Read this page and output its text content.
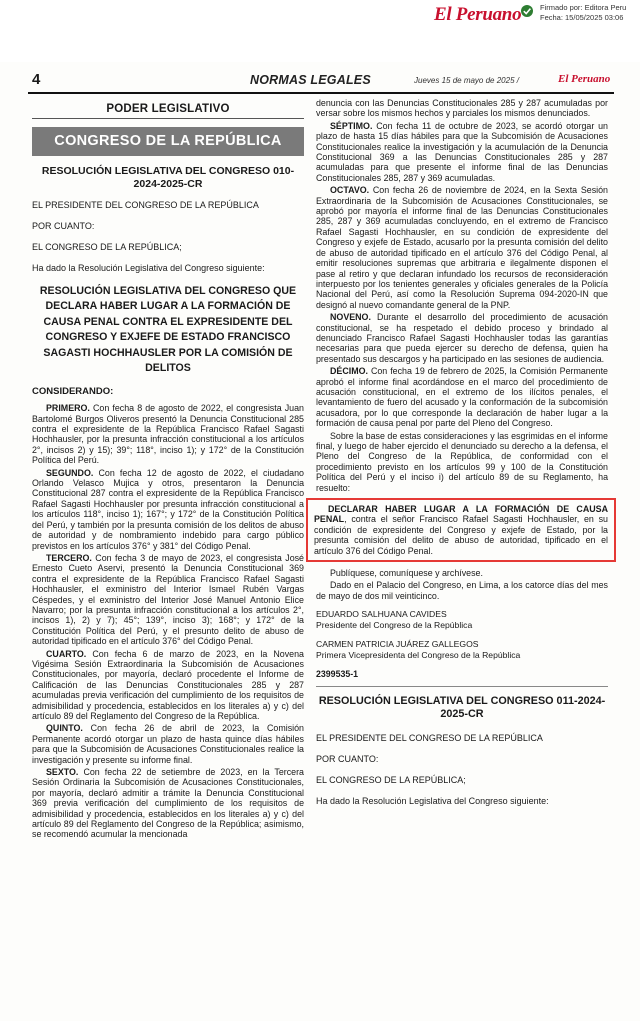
El Peruano Firmado por: Editora Peru
Fecha: 15/05/2025 03:06
4	NORMAS LEGALES	Jueves 15 de mayo de 2025 /	El Peruano
PODER LEGISLATIVO
CONGRESO DE LA REPÚBLICA
RESOLUCIÓN LEGISLATIVA DEL CONGRESO 010-2024-2025-CR

EL PRESIDENTE DEL CONGRESO DE LA REPÚBLICA

POR CUANTO:

EL CONGRESO DE LA REPÚBLICA;

Ha dado la Resolución Legislativa del Congreso siguiente:

RESOLUCIÓN LEGISLATIVA DEL CONGRESO QUE DECLARA HABER LUGAR A LA FORMACIÓN DE CAUSA PENAL CONTRA EL EXPRESIDENTE DEL CONGRESO Y EXJEFE DE ESTADO FRANCISCO SAGASTI HOCHHAUSLER POR LA COMISIÓN DE DELITOS
CONSIDERANDO:

PRIMERO. Con fecha 8 de agosto de 2022, el congresista Juan Bartolomé Burgos Oliveros presentó la Denuncia Constitucional 285 contra el expresidente de la República Francisco Rafael Sagasti Hochhausler, por la presunta infracción constitucional a los artículos 2°, incisos 2) y 15); 39°; 118°, inciso 1); y 172° de la Constitución Política del Perú.

SEGUNDO. Con fecha 12 de agosto de 2022, el ciudadano Orlando Velasco Mujica y otros, presentaron la Denuncia Constitucional 287 contra el expresidente de la República Francisco Rafael Sagasti Hochhausler por presunta infracción constitucional a los artículos 118°, inciso 1); 167°; y 172° de la Constitución Política del Perú, y también por la presunta comisión de los delitos de abuso de autoridad y de nombramiento indebido para cargo público previstos en los artículos 376° y 381° del Código Penal.

TERCERO. Con fecha 3 de mayo de 2023, el congresista José Ernesto Cueto Aservi, presentó la Denuncia Constitucional 369 contra el expresidente de la República Francisco Rafael Sagasti Hochhausler, el exministro del Interior Ismael Rubén Vargas Céspedes, y el exministro del Interior José Manuel Antonio Elice Navarro; por la presunta infracción constitucional a los artículos 2°, incisos 1), 2) y 7); 45°; 139°, inciso 3); 168°; y 172° de la Constitución Política del Perú, y el presunto delito de abuso de autoridad tipificado en el artículo 376° del Código Penal.

CUARTO. Con fecha 6 de marzo de 2023, en la Novena Vigésima Sesión Extraordinaria la Subcomisión de Acusaciones Constitucionales, por mayoría, declaró procedente el Informe de Calificación de las Denuncias Constitucionales 285 y 287 acumuladas previa verificación del cumplimiento de los requisitos de admisibilidad y procedencia, establecidos en los literales a) y c) del artículo 89 del Reglamento del Congreso de la República.

QUINTO. Con fecha 26 de abril de 2023, la Comisión Permanente acordó otorgar un plazo de hasta quince días hábiles para que la Subcomisión de Acusaciones Constitucionales realice la investigación y presente su informe final.

SEXTO. Con fecha 22 de setiembre de 2023, en la Tercera Sesión Ordinaria la Subcomisión de Acusaciones Constitucionales, por mayoría, declaró admitir a trámite la Denuncia Constitucional 369 previa verificación del cumplimiento de los requisitos de admisibilidad y procedencia, establecidos en los literales a) y c) del artículo 89 del Reglamento del Congreso de la República; asimismo, se recomendó acumular la mencionada

denuncia con las Denuncias Constitucionales 285 y 287 acumuladas por versar sobre los mismos hechos y parciales los mismos denunciados.

SÉPTIMO. Con fecha 11 de octubre de 2023, se acordó otorgar un plazo de hasta 15 días hábiles para que la Subcomisión de Acusaciones Constitucionales realice la investigación y la acumulación de la Denuncia Constitucional 369 a las Denuncias Constitucionales 285 y 287 acumuladas para que presente el informe final de las Denuncias Constitucionales 285, 287 y 369 acumuladas.

OCTAVO. Con fecha 26 de noviembre de 2024, en la Sexta Sesión Extraordinaria de la Subcomisión de Acusaciones Constitucionales, se aprobó por mayoría el informe final de las Denuncias Constitucionales 285, 287 y 369 acumuladas concluyendo, en el extremo de Francisco Rafael Sagasti Hochhausler, en su condición de expresidente del Congreso y exjefe de Estado, acusarlo por la presunta comisión del delito de abuso de autoridad tipificado en el artículo 376 del Código Penal, al emitir resoluciones supremas que arbitraria e ilegalmente disponen el pase al retiro y que declaran infundado los recursos de reconsideración interpuesto por los tenientes generales y oficiales generales de la Policía Nacional del Perú, así como la Resolución Suprema 094-2020-IN que designó al nuevo comandante general de la PNP.

NOVENO. Durante el desarrollo del procedimiento de acusación constitucional, se ha respetado el debido proceso y brindado al denunciado Francisco Rafael Sagasti Hochhausler todas las garantías necesarias para que pueda ejercer su derecho de defensa, quien ha presentado sus descargos y ha participado en las sesiones de audiencia.

DÉCIMO. Con fecha 19 de febrero de 2025, la Comisión Permanente aprobó el informe final acordándose en el marco del procedimiento de acusación constitucional, en el extremo de los ilícitos penales, el levantamiento de fuero del acusado y la conformación de la subcomisión acusadora, por lo que corresponde la declaración de haber lugar a la formación de causa penal por parte del Pleno del Congreso.

Sobre la base de estas consideraciones y las esgrimidas en el informe final, y luego de haber ejercido el denunciado su derecho a la defensa, el Pleno del Congreso de la República, de conformidad con el procedimiento previsto en los artículos 99 y 100 de la Constitución Política del Perú y el inciso i) del artículo 89 de su Reglamento, ha resuelto:

DECLARAR HABER LUGAR A LA FORMACIÓN DE CAUSA PENAL, contra el señor Francisco Rafael Sagasti Hochhausler, en su condición de expresidente del Congreso y exjefe de Estado, por la presunta comisión del delito de abuso de autoridad, tipificado en el artículo 376 del Código Penal.

Publíquese, comuníquese y archívese.

Dado en el Palacio del Congreso, en Lima, a los catorce días del mes de mayo de dos mil veinticinco.

EDUARDO SALHUANA CAVIDES
Presidente del Congreso de la República

CARMEN PATRICIA JUÁREZ GALLEGOS
Primera Vicepresidenta del Congreso de la República

2399535-1

RESOLUCIÓN LEGISLATIVA DEL CONGRESO 011-2024-2025-CR

EL PRESIDENTE DEL CONGRESO DE LA REPÚBLICA

POR CUANTO:

EL CONGRESO DE LA REPÚBLICA;

Ha dado la Resolución Legislativa del Congreso siguiente:
